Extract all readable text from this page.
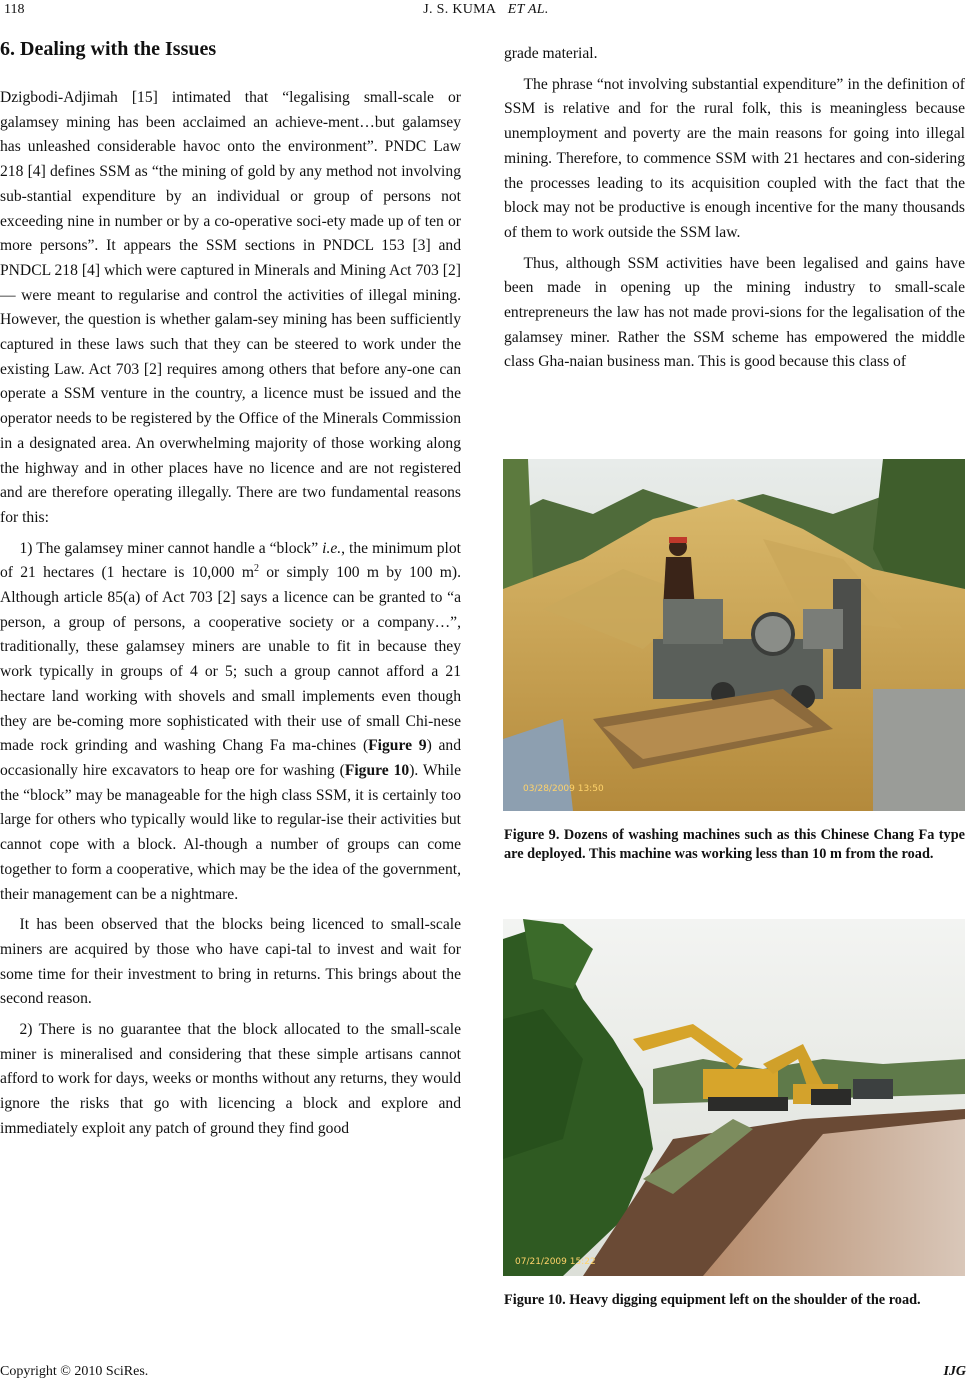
118	J. S. KUMA ET AL.
6. Dealing with the Issues

Dzigbodi-Adjimah [15] intimated that “legalising small-scale or galamsey mining has been acclaimed an achieve-ment…but galamsey has unleashed considerable havoc onto the environment”. PNDC Law 218 [4] defines SSM as “the mining of gold by any method not involving sub-stantial expenditure by an individual or group of persons not exceeding nine in number or by a co-operative soci-ety made up of ten or more persons”. It appears the SSM sections in PNDCL 153 [3] and PNDCL 218 [4] which were captured in Minerals and Mining Act 703 [2] — were meant to regularise and control the activities of illegal mining. However, the question is whether galam-sey mining has been sufficiently captured in these laws such that they can be steered to work under the existing Law. Act 703 [2] requires among others that before any-one can operate a SSM venture in the country, a licence must be issued and the operator needs to be registered by the Office of the Minerals Commission in a designated area. An overwhelming majority of those working along the highway and in other places have no licence and are not registered and are therefore operating illegally. There are two fundamental reasons for this:

1) The galamsey miner cannot handle a “block” i.e., the minimum plot of 21 hectares (1 hectare is 10,000 $m^2$ or simply 100 m by 100 m). Although article 85(a) of Act 703 [2] says a licence can be granted to “a person, a group of persons, a cooperative society or a company…”, traditionally, these galamsey miners are unable to fit in because they work typically in groups of 4 or 5; such a group cannot afford a 21 hectare land working with shovels and small implements even though they are be-coming more sophisticated with their use of small Chi-nese made rock grinding and washing Chang Fa ma-chines (Figure 9) and occasionally hire excavators to heap ore for washing (Figure 10). While the “block” may be manageable for the high class SSM, it is certainly too large for others who typically would like to regular-ise their activities but cannot cope with a block. Al-though a number of groups can come together to form a cooperative, which may be the idea of the government, their management can be a nightmare.

It has been observed that the blocks being licenced to small-scale miners are acquired by those who have capi-tal to invest and wait for some time for their investment to bring in returns. This brings about the second reason.

2) There is no guarantee that the block allocated to the small-scale miner is mineralised and considering that these simple artisans cannot afford to work for days, weeks or months without any returns, they would ignore the risks that go with licencing a block and explore and immediately exploit any patch of ground they find good

grade material.

The phrase “not involving substantial expenditure” in the definition of SSM is relative and for the rural folk, this is meaningless because unemployment and poverty are the main reasons for going into illegal mining. Therefore, to commence SSM with 21 hectares and con-sidering the processes leading to its acquisition coupled with the fact that the block may not be productive is enough incentive for the many thousands of them to work outside the SSM law.

Thus, although SSM activities have been legalised and gains have been made in opening up the mining industry to small-scale entrepreneurs the law has not made provi-sions for the legalisation of the galamsey miner. Rather the SSM scheme has empowered the middle class Gha-naian business man. This is good because this class of

03/28/2009 13:50
Figure 9. Dozens of washing machines such as this Chinese Chang Fa type are deployed. This machine was working less than 10 m from the road.
07/21/2009 15:22
Figure 10. Heavy digging equipment left on the shoulder of the road.
Copyright © 2010 SciRes.	IJG
